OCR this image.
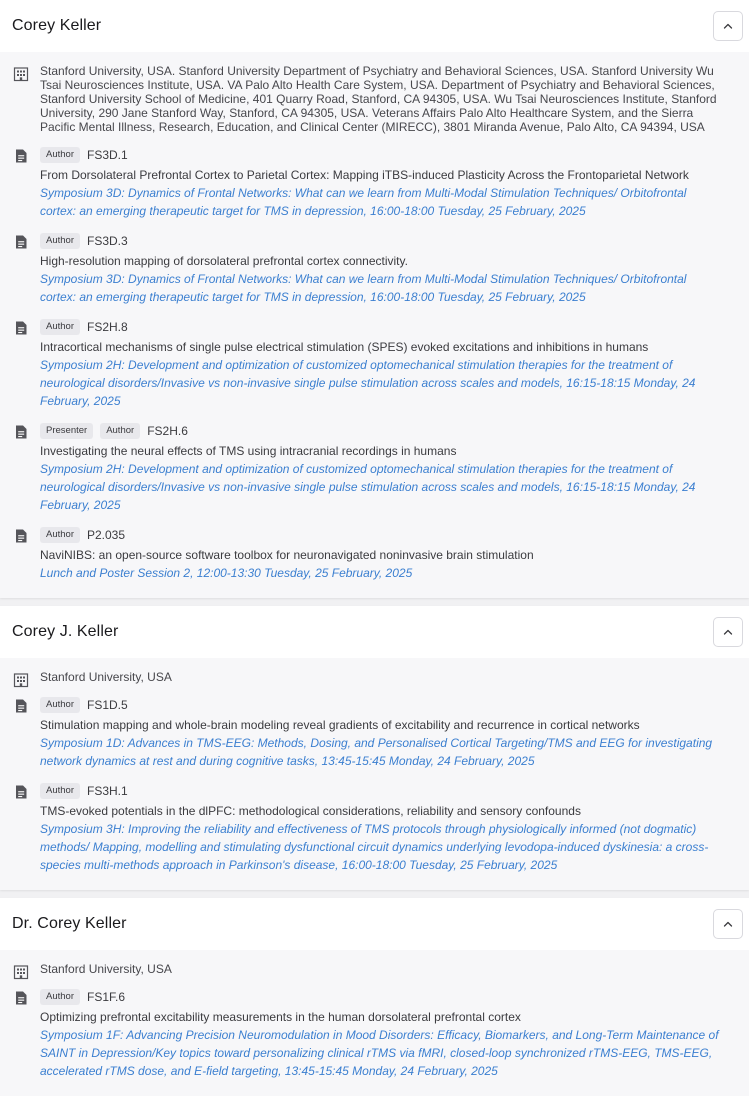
Corey Keller

Stanford University, USA. Stanford University Department of Psychiatry and Behavioral Sciences, USA. Stanford University Wu Tsai Neurosciences Institute, USA. VA Palo Alto Health Care System, USA. Department of Psychiatry and Behavioral Sciences, Stanford University School of Medicine, 401 Quarry Road, Stanford, CA 94305, USA. Wu Tsai Neurosciences Institute, Stanford University, 290 Jane Stanford Way, Stanford, CA 94305, USA. Veterans Affairs Palo Alto Healthcare System, and the Sierra Pacific Mental Illness, Research, Education, and Clinical Center (MIRECC), 3801 Miranda Avenue, Palo Alto, CA 94394, USA

Author	FS3D.1

From Dorsolateral Prefrontal Cortex to Parietal Cortex: Mapping iTBS-induced Plasticity Across the Frontoparietal Network

Symposium 3D: Dynamics of Frontal Networks: What can we learn from Multi-Modal Stimulation Techniques/ Orbitofrontal cortex: an emerging therapeutic target for TMS in depression, 16:00-18:00 Tuesday, 25 February, 2025
Author	FS3D.3

High-resolution mapping of dorsolateral prefrontal cortex connectivity.

Symposium 3D: Dynamics of Frontal Networks: What can we learn from Multi-Modal Stimulation Techniques/ Orbitofrontal cortex: an emerging therapeutic target for TMS in depression, 16:00-18:00 Tuesday, 25 February, 2025
Author	FS2H.8

Intracortical mechanisms of single pulse electrical stimulation (SPES) evoked excitations and inhibitions in humans

Symposium 2H: Development and optimization of customized optomechanical stimulation therapies for the treatment of neurological disorders/Invasive vs non-invasive single pulse stimulation across scales and models, 16:15-18:15 Monday, 24 February, 2025
Presenter	Author	FS2H.6

Investigating the neural effects of TMS using intracranial recordings in humans

Symposium 2H: Development and optimization of customized optomechanical stimulation therapies for the treatment of neurological disorders/Invasive vs non-invasive single pulse stimulation across scales and models, 16:15-18:15 Monday, 24 February, 2025
Author	P2.035

NaviNIBS: an open-source software toolbox for neuronavigated noninvasive brain stimulation

Lunch and Poster Session 2, 12:00-13:30 Tuesday, 25 February, 2025
Corey J. Keller

Stanford University, USA

Author	FS1D.5

Stimulation mapping and whole-brain modeling reveal gradients of excitability and recurrence in cortical networks

Symposium 1D: Advances in TMS-EEG: Methods, Dosing, and Personalised Cortical Targeting/TMS and EEG for investigating network dynamics at rest and during cognitive tasks, 13:45-15:45 Monday, 24 February, 2025
Author	FS3H.1

TMS-evoked potentials in the dlPFC: methodological considerations, reliability and sensory confounds

Symposium 3H: Improving the reliability and effectiveness of TMS protocols through physiologically informed (not dogmatic) methods/ Mapping, modelling and stimulating dysfunctional circuit dynamics underlying levodopa-induced dyskinesia: a cross-species multi-methods approach in Parkinson's disease, 16:00-18:00 Tuesday, 25 February, 2025
Dr. Corey Keller

Stanford University, USA

Author	FS1F.6

Optimizing prefrontal excitability measurements in the human dorsolateral prefrontal cortex

Symposium 1F: Advancing Precision Neuromodulation in Mood Disorders: Efficacy, Biomarkers, and Long-Term Maintenance of SAINT in Depression/Key topics toward personalizing clinical rTMS via fMRI, closed-loop synchronized rTMS-EEG, TMS-EEG, accelerated rTMS dose, and E-field targeting, 13:45-15:45 Monday, 24 February, 2025
